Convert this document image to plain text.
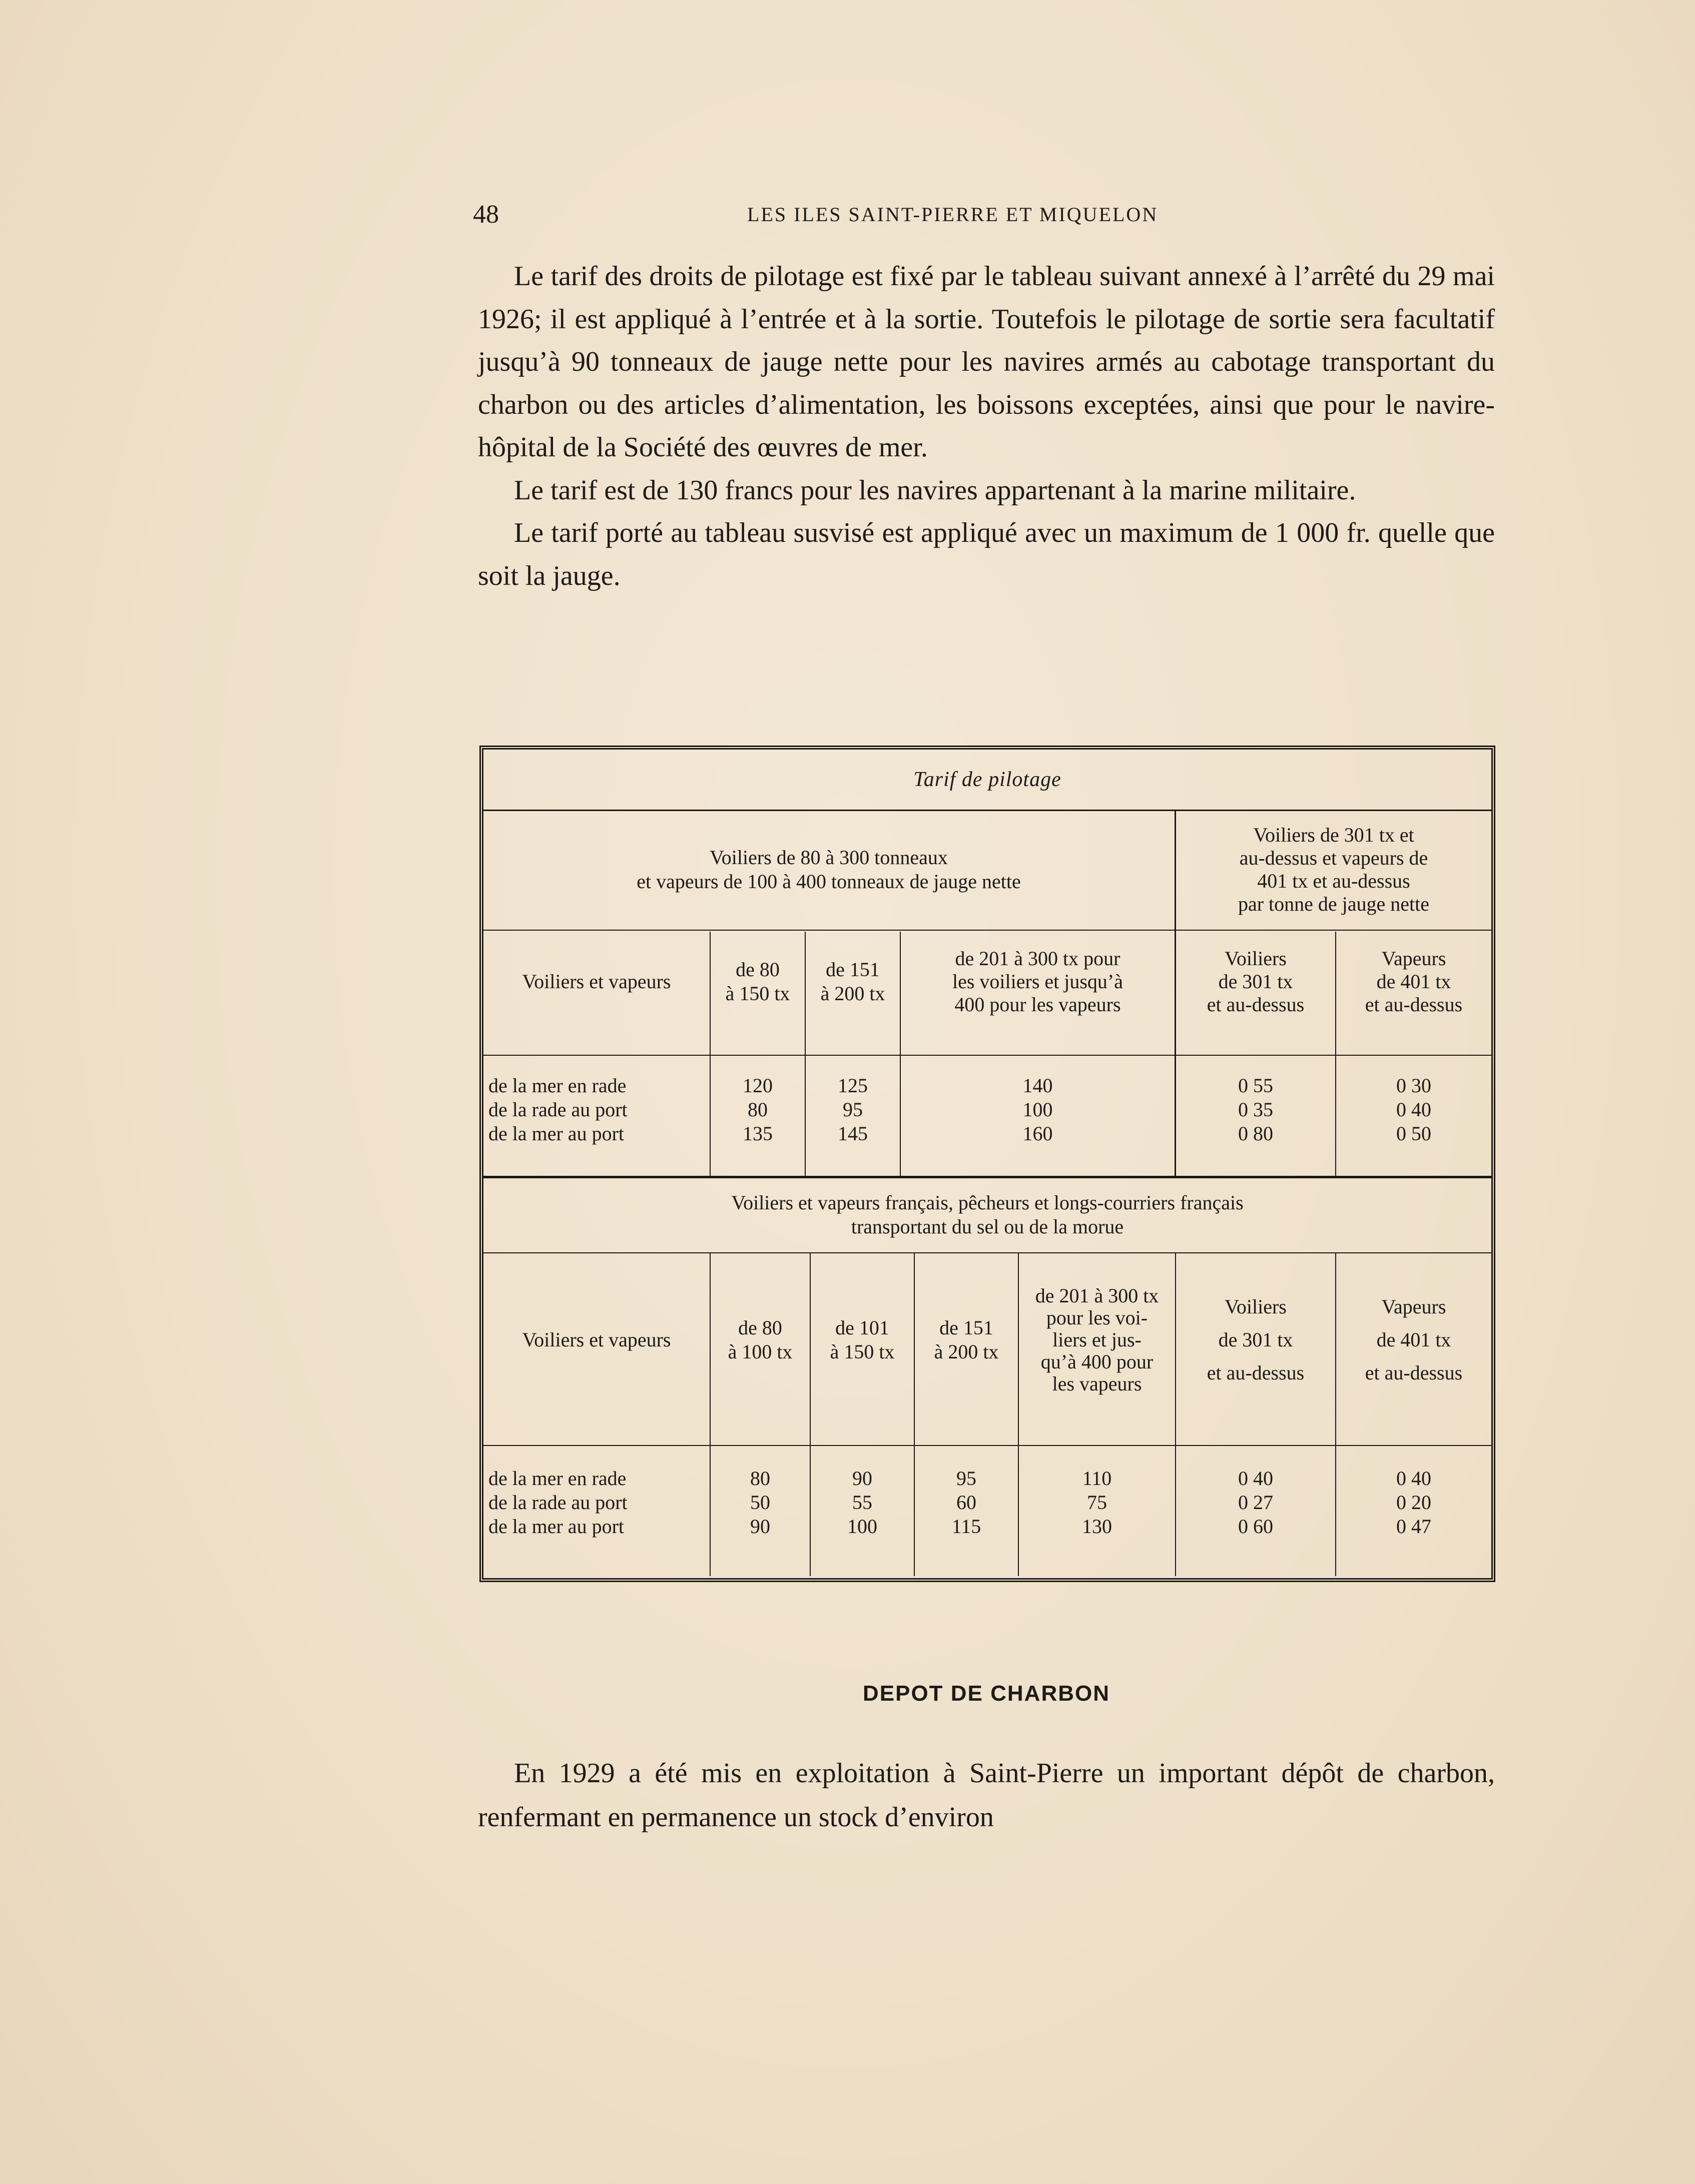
48	LES ILES SAINT-PIERRE ET MIQUELON

Le tarif des droits de pilotage est fixé par le tableau suivant annexé à l’arrêté du 29 mai 1926; il est appliqué à l’entrée et à la sortie. Toutefois le pilotage de sortie sera facultatif jusqu’à 90 tonneaux de jauge nette pour les navires armés au cabotage transportant du charbon ou des articles d’alimentation, les boissons exceptées, ainsi que pour le navire-hôpital de la Société des œuvres de mer.

Le tarif est de 130 francs pour les navires appartenant à la marine militaire.

Le tarif porté au tableau susvisé est appliqué avec un maximum de 1 000 fr. quelle que soit la jauge.

Tarif de pilotage
Voiliers de 80 à 300 tonneaux
et vapeurs de 100 à 400 tonneaux de jauge nette
Voiliers de 301 tx et
au-dessus et vapeurs de
401 tx et au-dessus
par tonne de jauge nette
Voiliers et vapeurs
de 80
à 150 tx
de 151
à 200 tx
de 201 à 300 tx pour
les voiliers et jusqu’à
400 pour les vapeurs
Voiliers
de 301 tx
et au-dessus
Vapeurs
de 401 tx
et au-dessus
de la mer en rade
de la rade au port
de la mer au port
120
80
135
125
95
145
140
100
160
0 55
0 35
0 80
0 30
0 40
0 50
Voiliers et vapeurs français, pêcheurs et longs-courriers français
transportant du sel ou de la morue
Voiliers et vapeurs
de 80
à 100 tx
de 101
à 150 tx
de 151
à 200 tx
de 201 à 300 tx
pour les voi-
liers et jus-
qu’à 400 pour
les vapeurs
Voiliers
de 301 tx
et au-dessus
Vapeurs
de 401 tx
et au-dessus
de la mer en rade
de la rade au port
de la mer au port
80
50
90
90
55
100
95
60
115
110
75
130
0 40
0 27
0 60
0 40
0 20
0 47
DEPOT DE CHARBON

En 1929 a été mis en exploitation à Saint-Pierre un important dépôt de charbon, renfermant en permanence un stock d’environ
